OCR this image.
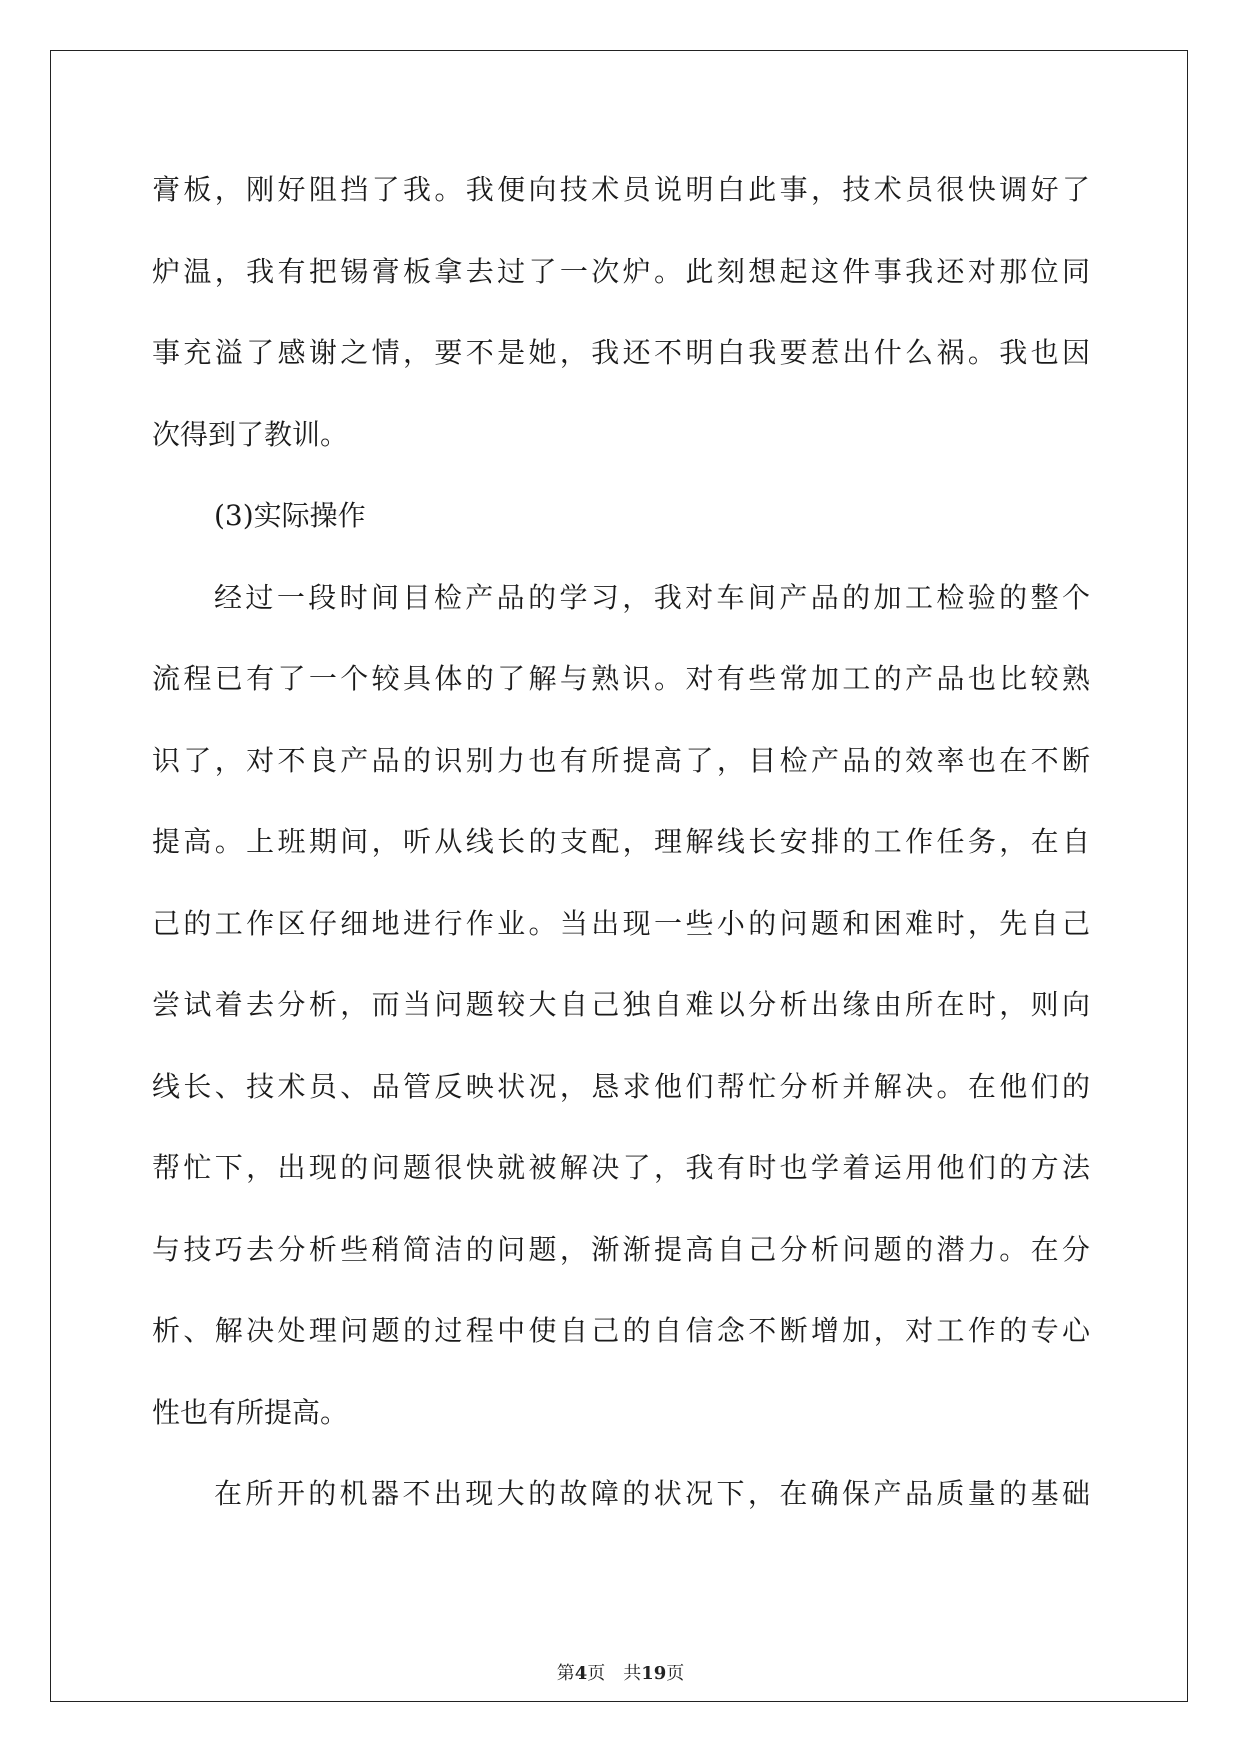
膏板，刚好阻挡了我。我便向技术员说明白此事，技术员很快调好了
炉温，我有把锡膏板拿去过了一次炉。此刻想起这件事我还对那位同
事充溢了感谢之情，要不是她，我还不明白我要惹出什么祸。我也因
次得到了教训。
(3)实际操作
经过一段时间目检产品的学习，我对车间产品的加工检验的整个
流程已有了一个较具体的了解与熟识。对有些常加工的产品也比较熟
识了，对不良产品的识别力也有所提高了，目检产品的效率也在不断
提高。上班期间，听从线长的支配，理解线长安排的工作任务，在自
己的工作区仔细地进行作业。当出现一些小的问题和困难时，先自己
尝试着去分析，而当问题较大自己独自难以分析出缘由所在时，则向
线长、技术员、品管反映状况，恳求他们帮忙分析并解决。在他们的
帮忙下，出现的问题很快就被解决了，我有时也学着运用他们的方法
与技巧去分析些稍简洁的问题，渐渐提高自己分析问题的潜力。在分
析、解决处理问题的过程中使自己的自信念不断增加，对工作的专心
性也有所提高。
在所开的机器不出现大的故障的状况下，在确保产品质量的基础
第4页 共19页
